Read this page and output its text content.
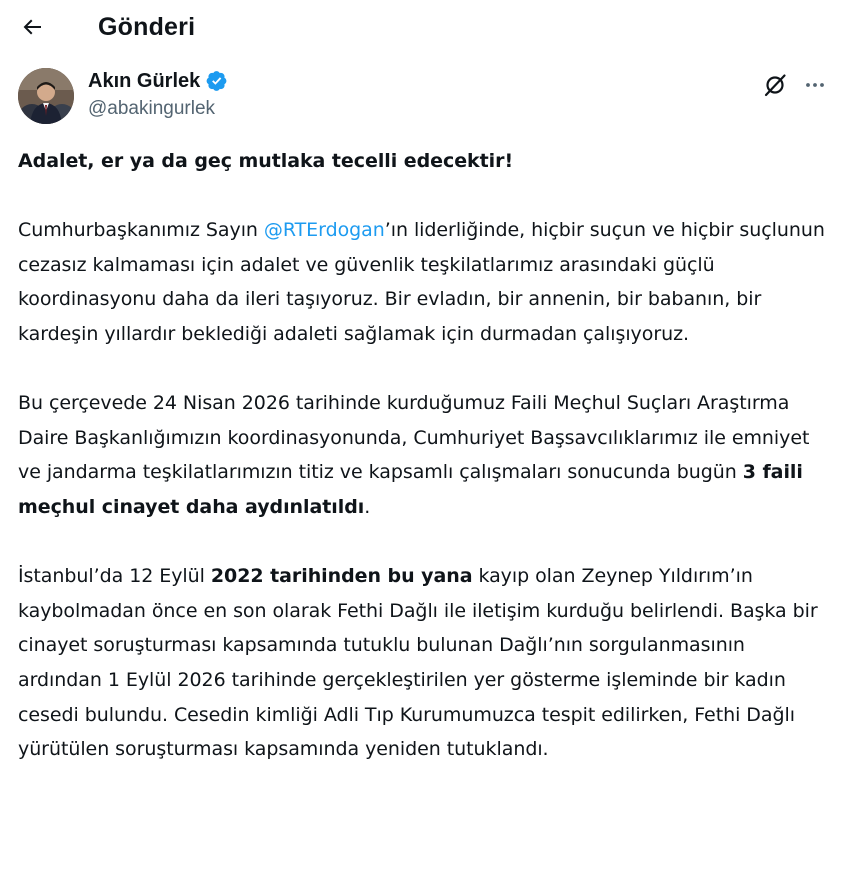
Gönderi
Akın Gürlek
@abakingurlek

Adalet, er ya da geç mutlaka tecelli edecektir!

Cumhurbaşkanımız Sayın @RTErdogan’ın liderliğinde, hiçbir suçun ve hiçbir suçlunun cezasız kalmaması için adalet ve güvenlik teşkilatlarımız arasındaki güçlü koordinasyonu daha da ileri taşıyoruz. Bir evladın, bir annenin, bir babanın, bir kardeşin yıllardır beklediği adaleti sağlamak için durmadan çalışıyoruz.

Bu çerçevede 24 Nisan 2026 tarihinde kurduğumuz Faili Meçhul Suçları Araştırma Daire Başkanlığımızın koordinasyonunda, Cumhuriyet Başsavcılıklarımız ile emniyet ve jandarma teşkilatlarımızın titiz ve kapsamlı çalışmaları sonucunda bugün 3 faili meçhul cinayet daha aydınlatıldı.

İstanbul’da 12 Eylül 2022 tarihinden bu yana kayıp olan Zeynep Yıldırım’ın kaybolmadan önce en son olarak Fethi Dağlı ile iletişim kurduğu belirlendi. Başka bir cinayet soruşturması kapsamında tutuklu bulunan Dağlı’nın sorgulanmasının ardından 1 Eylül 2026 tarihinde gerçekleştirilen yer gösterme işleminde bir kadın cesedi bulundu. Cesedin kimliği Adli Tıp Kurumumuzca tespit edilirken, Fethi Dağlı yürütülen soruşturması kapsamında yeniden tutuklandı.
